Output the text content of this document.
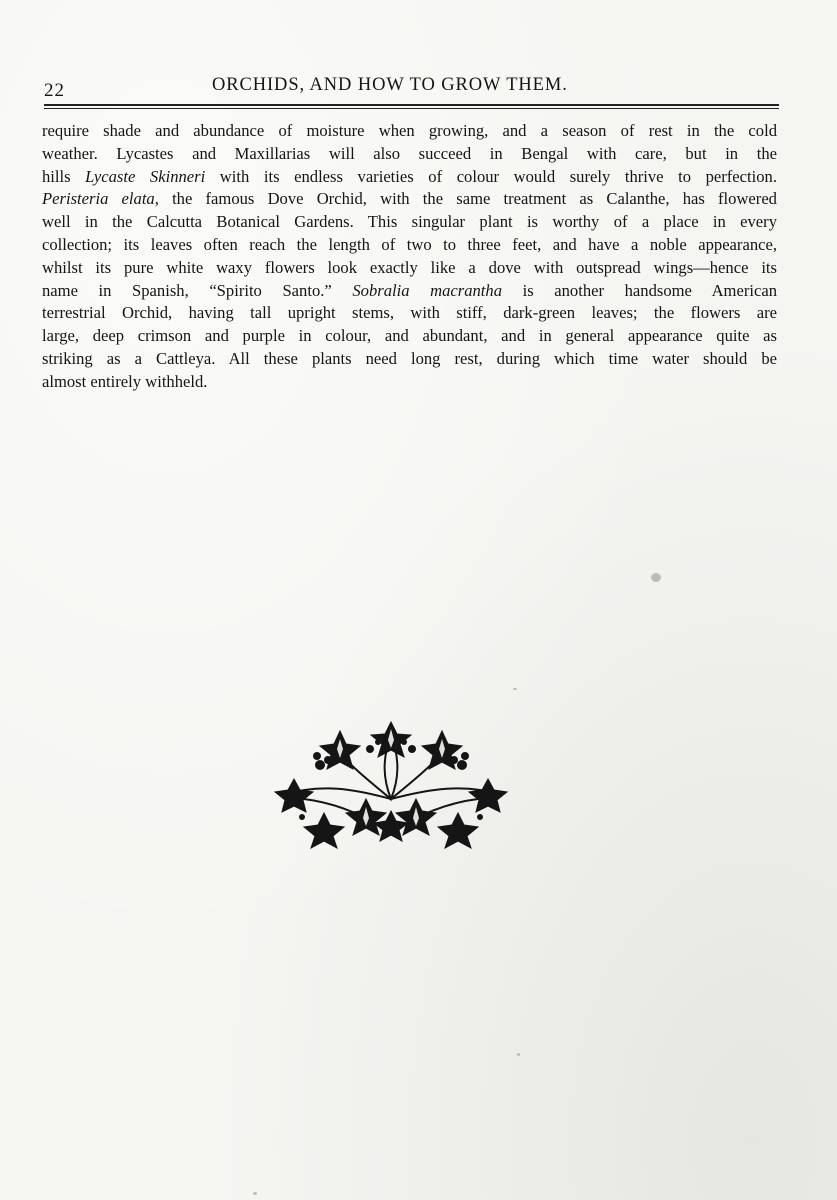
22	ORCHIDS, AND HOW TO GROW THEM.
require shade and abundance of moisture when growing, and a season of rest in the cold
weather. Lycastes and Maxillarias will also succeed in Bengal with care, but in the
hills Lycaste Skinneri with its endless varieties of colour would surely thrive to perfection.
Peristeria elata, the famous Dove Orchid, with the same treatment as Calanthe, has flowered
well in the Calcutta Botanical Gardens. This singular plant is worthy of a place in every
collection; its leaves often reach the length of two to three feet, and have a noble appearance,
whilst its pure white waxy flowers look exactly like a dove with outspread wings—hence its
name in Spanish, “Spirito Santo.” Sobralia macrantha is another handsome American
terrestrial Orchid, having tall upright stems, with stiff, dark-green leaves; the flowers are
large, deep crimson and purple in colour, and abundant, and in general appearance quite as
striking as a Cattleya. All these plants need long rest, during which time water should be
almost entirely withheld.
